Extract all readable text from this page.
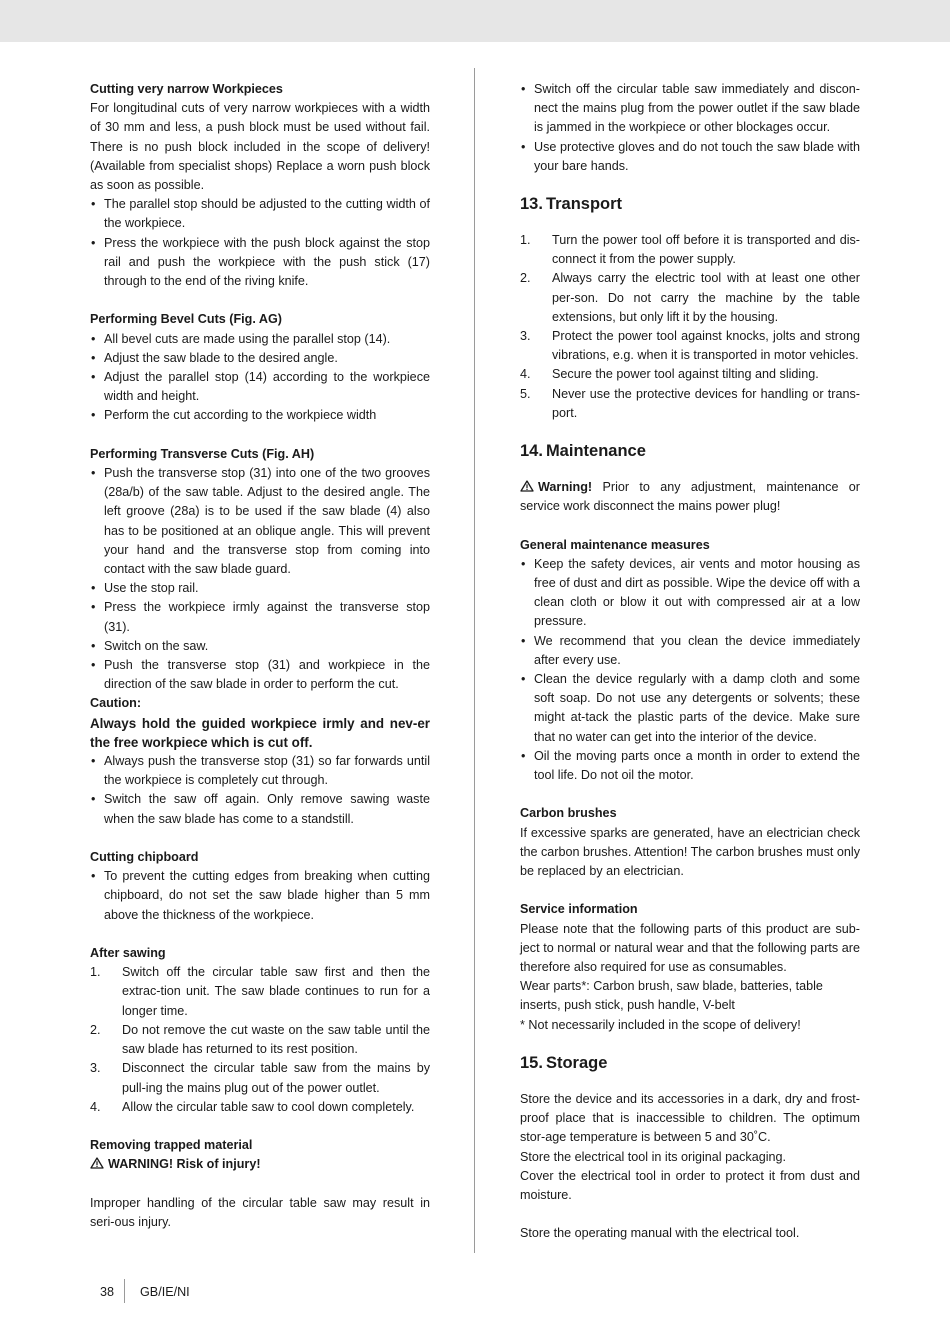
Cutting very narrow Workpieces

For longitudinal cuts of very narrow workpieces with a width of 30 mm and less, a push block must be used without fail. There is no push block included in the scope of delivery! (Available from specialist shops) Replace a worn push block as soon as possible.

• The parallel stop should be adjusted to the cutting width of the workpiece.
• Press the workpiece with the push block against the stop rail and push the workpiece with the push stick (17) through to the end of the riving knife.
Performing Bevel Cuts (Fig. AG)
• All bevel cuts are made using the parallel stop (14).
• Adjust the saw blade to the desired angle.
• Adjust the parallel stop (14) according to the workpiece width and height.
• Perform the cut according to the workpiece width
Performing Transverse Cuts (Fig. AH)
• Push the transverse stop (31) into one of the two grooves (28a/b) of the saw table. Adjust to the desired angle. The left groove (28a) is to be used if the saw blade (4) also has to be positioned at an oblique angle. This will prevent your hand and the transverse stop from coming into contact with the saw blade guard.
• Use the stop rail.
• Press the workpiece irmly against the transverse stop (31).
• Switch on the saw.
• Push the transverse stop (31) and workpiece in the direction of the saw blade in order to perform the cut.
Caution:

Always hold the guided workpiece irmly and nev-er the free workpiece which is cut off.

• Always push the transverse stop (31) so far forwards until the workpiece is completely cut through.
• Switch the saw off again. Only remove sawing waste when the saw blade has come to a standstill.
Cutting chipboard
• To prevent the cutting edges from breaking when cutting chipboard, do not set the saw blade higher than 5 mm above the thickness of the workpiece.
After sawing
1. Switch off the circular table saw first and then the extrac-tion unit. The saw blade continues to run for a longer time.
2. Do not remove the cut waste on the saw table until the saw blade has returned to its rest position.
3. Disconnect the circular table saw from the mains by pull-ing the mains plug out of the power outlet.
4. Allow the circular table saw to cool down completely.
Removing trapped material
WARNING! Risk of injury!

Improper handling of the circular table saw may result in seri-ous injury.

• Switch off the circular table saw immediately and discon-nect the mains plug from the power outlet if the saw blade is jammed in the workpiece or other blockages occur.
• Use protective gloves and do not touch the saw blade with your bare hands.
13. Transport
1. Turn the power tool off before it is transported and dis-connect it from the power supply.
2. Always carry the electric tool with at least one other per-son. Do not carry the machine by the table extensions, but only lift it by the housing.
3. Protect the power tool against knocks, jolts and strong vibrations, e.g. when it is transported in motor vehicles.
4. Secure the power tool against tilting and sliding.
5. Never use the protective devices for handling or trans-port.
14. Maintenance

Warning! Prior to any adjustment, maintenance or service work disconnect the mains power plug!

General maintenance measures
• Keep the safety devices, air vents and motor housing as free of dust and dirt as possible. Wipe the device off with a clean cloth or blow it out with compressed air at a low pressure.
• We recommend that you clean the device immediately after every use.
• Clean the device regularly with a damp cloth and some soft soap. Do not use any detergents or solvents; these might at-tack the plastic parts of the device. Make sure that no water can get into the interior of the device.
• Oil the moving parts once a month in order to extend the tool life. Do not oil the motor.
Carbon brushes

If excessive sparks are generated, have an electrician check the carbon brushes. Attention! The carbon brushes must only be replaced by an electrician.

Service information

Please note that the following parts of this product are sub-ject to normal or natural wear and that the following parts are therefore also required for use as consumables.

Wear parts*: Carbon brush, saw blade, batteries, table inserts, push stick, push handle, V-belt

* Not necessarily included in the scope of delivery!

15. Storage

Store the device and its accessories in a dark, dry and frost-proof place that is inaccessible to children. The optimum stor-age temperature is between 5 and 30˚C.

Store the electrical tool in its original packaging.

Cover the electrical tool in order to protect it from dust and moisture.

Store the operating manual with the electrical tool.

38 GB/IE/NI
